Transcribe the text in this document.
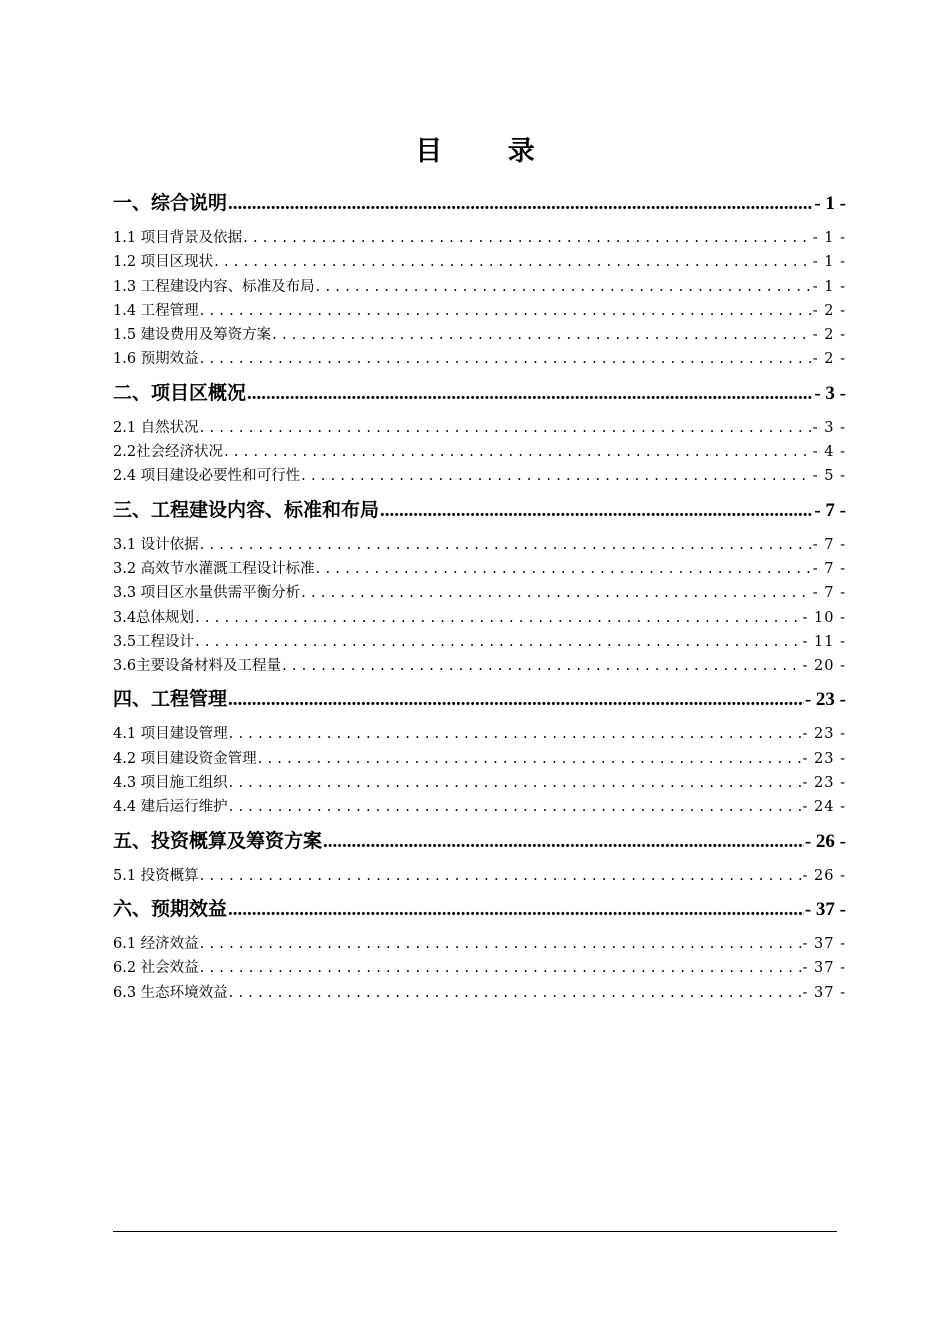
目 录
一、综合说明 .....	- 1 -
1.1 项目背景及依据 .....	- 1 -
1.2 项目区现状 .....	- 1 -
1.3 工程建设内容、标准及布局 .....	- 1 -
1.4 工程管理 .....	- 2 -
1.5 建设费用及筹资方案 .....	- 2 -
1.6 预期效益 .....	- 2 -
二、项目区概况 .....	- 3 -
2.1 自然状况 .....	- 3 -
2.2社会经济状况 .....	- 4 -
2.4 项目建设必要性和可行性 .....	- 5 -
三、工程建设内容、标准和布局 .....	- 7 -
3.1 设计依据 .....	- 7 -
3.2 高效节水灌溉工程设计标准 .....	- 7 -
3.3 项目区水量供需平衡分析 .....	- 7 -
3.4总体规划 .....	- 10 -
3.5工程设计 .....	- 11 -
3.6主要设备材料及工程量 .....	- 20 -
四、工程管理 .....	- 23 -
4.1 项目建设管理 .....	- 23 -
4.2 项目建设资金管理 .....	- 23 -
4.3 项目施工组织 .....	- 23 -
4.4 建后运行维护 .....	- 24 -
五、投资概算及筹资方案 .....	- 26 -
5.1 投资概算 .....	- 26 -
六、预期效益 .....	- 37 -
6.1 经济效益 .....	- 37 -
6.2 社会效益 .....	- 37 -
6.3 生态环境效益 .....	- 37 -
